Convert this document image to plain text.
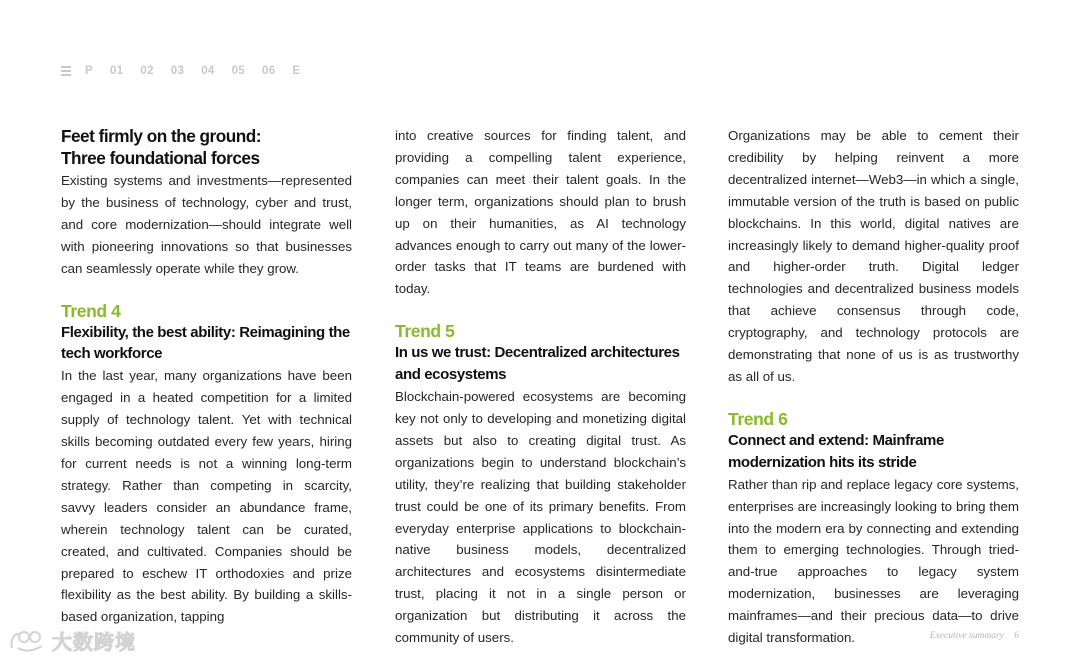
P 01 02 03 04 05 06 E

Feet firmly on the ground:
Three foundational forces

Existing systems and investments—represented by the business of technology, cyber and trust, and core modernization—should integrate well with pioneering innovations so that businesses can seamlessly operate while they grow.

Trend 4

Flexibility, the best ability: Reimagining the tech workforce

In the last year, many organizations have been engaged in a heated competition for a limited supply of technology talent. Yet with technical skills becoming outdated every few years, hiring for current needs is not a winning long-term strategy. Rather than competing in scarcity, savvy leaders consider an abundance frame, wherein technology talent can be curated, created, and cultivated. Companies should be prepared to eschew IT orthodoxies and prize flexibility as the best ability. By building a skills-based organization, tapping

into creative sources for finding talent, and providing a compelling talent experience, companies can meet their talent goals. In the longer term, organizations should plan to brush up on their humanities, as AI technology advances enough to carry out many of the lower-order tasks that IT teams are burdened with today.

Trend 5

In us we trust: Decentralized architectures and ecosystems

Blockchain-powered ecosystems are becoming key not only to developing and monetizing digital assets but also to creating digital trust. As organizations begin to understand blockchain’s utility, they’re realizing that building stakeholder trust could be one of its primary benefits. From everyday enterprise applications to blockchain-native business models, decentralized architectures and ecosystems disintermediate trust, placing it not in a single person or organization but distributing it across the community of users.

Organizations may be able to cement their credibility by helping reinvent a more decentralized internet—Web3—in which a single, immutable version of the truth is based on public blockchains. In this world, digital natives are increasingly likely to demand higher-quality proof and higher-order truth. Digital ledger technologies and decentralized business models that achieve consensus through code, cryptography, and technology protocols are demonstrating that none of us is as trustworthy as all of us.

Trend 6

Connect and extend: Mainframe modernization hits its stride

Rather than rip and replace legacy core systems, enterprises are increasingly looking to bring them into the modern era by connecting and extending them to emerging technologies. Through tried-and-true approaches to legacy system modernization, businesses are leveraging mainframes—and their precious data—to drive digital transformation.	Executive summary 6
大数跨境
